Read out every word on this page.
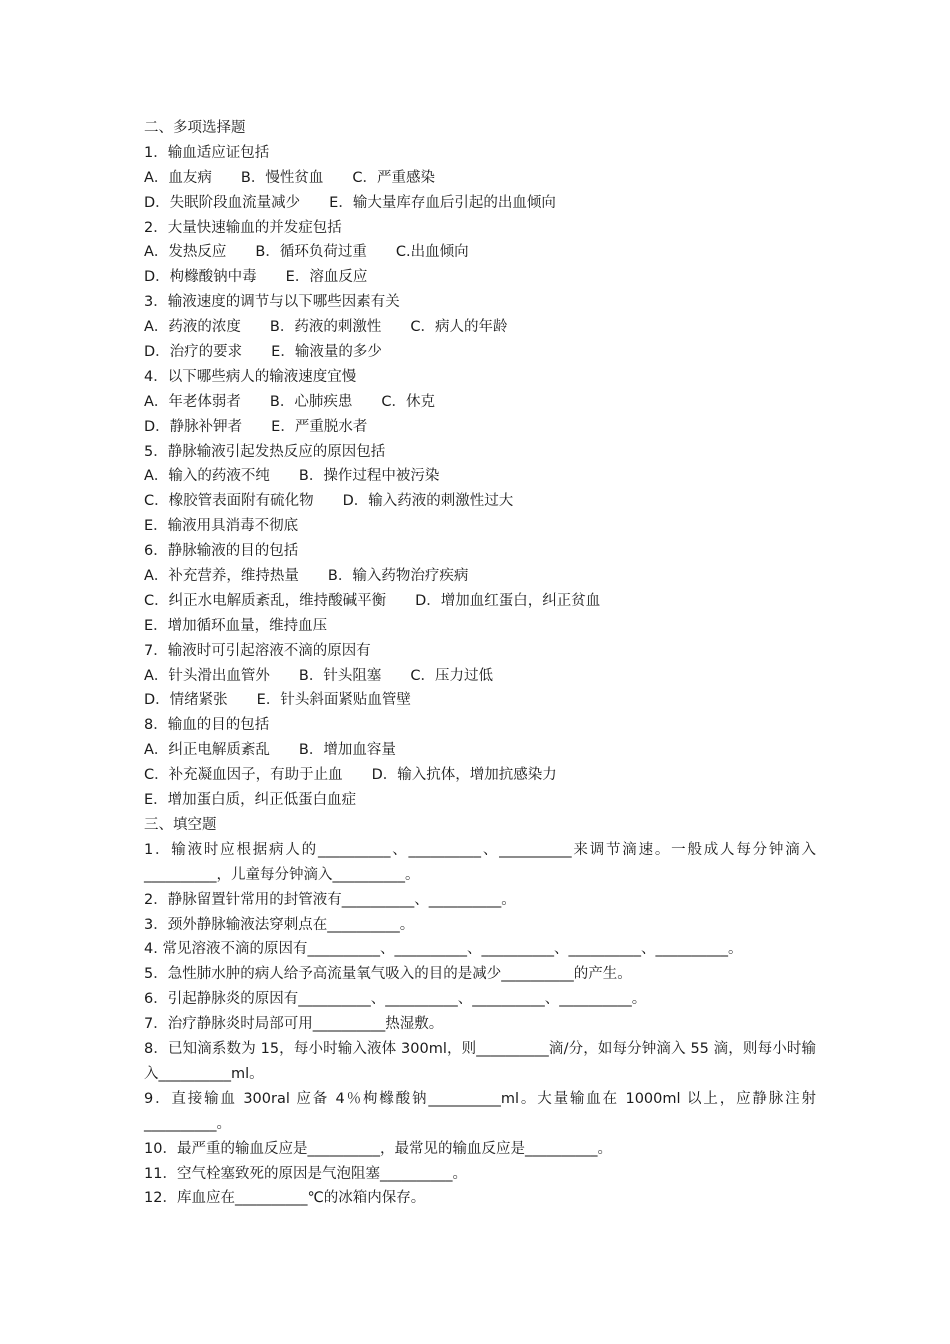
二、多项选择题
1．输血适应证包括
A．血友病　　B．慢性贫血　　C．严重感染
D．失眠阶段血流量减少　　E．输大量库存血后引起的出血倾向
2．大量快速输血的并发症包括
A．发热反应　　B．循环负荷过重　　C.出血倾向
D．枸橼酸钠中毒　　E．溶血反应
3．输液速度的调节与以下哪些因素有关
A．药液的浓度　　B．药液的刺激性　　C．病人的年龄
D．治疗的要求　　E．输液量的多少
4．以下哪些病人的输液速度宜慢
A．年老体弱者　　B．心肺疾患　　C．休克
D．静脉补钾者　　E．严重脱水者
5．静脉输液引起发热反应的原因包括
A．输入的药液不纯　　B．操作过程中被污染
C．橡胶管表面附有硫化物　　D．输入药液的刺激性过大
E．输液用具消毒不彻底
6．静脉输液的目的包括
A．补充营养，维持热量　　B．输入药物治疗疾病
C．纠正水电解质紊乱，维持酸碱平衡　　D．增加血红蛋白，纠正贫血
E．增加循环血量，维持血压
7．输液时可引起溶液不滴的原因有
A．针头滑出血管外　　B．针头阻塞　　C．压力过低
D．情绪紧张　　E．针头斜面紧贴血管壁
8．输血的目的包括
A．纠正电解质紊乱　　B．增加血容量
C．补充凝血因子，有助于止血　　D．输入抗体，增加抗感染力
E．增加蛋白质，纠正低蛋白血症
三、填空题
1．输液时应根据病人的__________、__________、__________来调节滴速。一般成人每分钟滴入__________，儿童每分钟滴入__________。
2．静脉留置针常用的封管液有__________、__________。
3．颈外静脉输液法穿刺点在__________。
4. 常见溶液不滴的原因有__________、__________、__________、__________、__________。
5．急性肺水肿的病人给予高流量氧气吸入的目的是减少__________的产生。
6．引起静脉炎的原因有__________、__________、__________、__________。
7．治疗静脉炎时局部可用__________热湿敷。
8．已知滴系数为 15，每小时输入液体 300ml，则__________滴/分，如每分钟滴入 55 滴，则每小时输入__________ml。
9．直接输血 300ral 应备 4％枸橼酸钠__________ml。大量输血在 1000ml 以上，应静脉注射__________。
10．最严重的输血反应是__________，最常见的输血反应是__________。
11．空气栓塞致死的原因是气泡阻塞__________。
12．库血应在__________℃的冰箱内保存。
